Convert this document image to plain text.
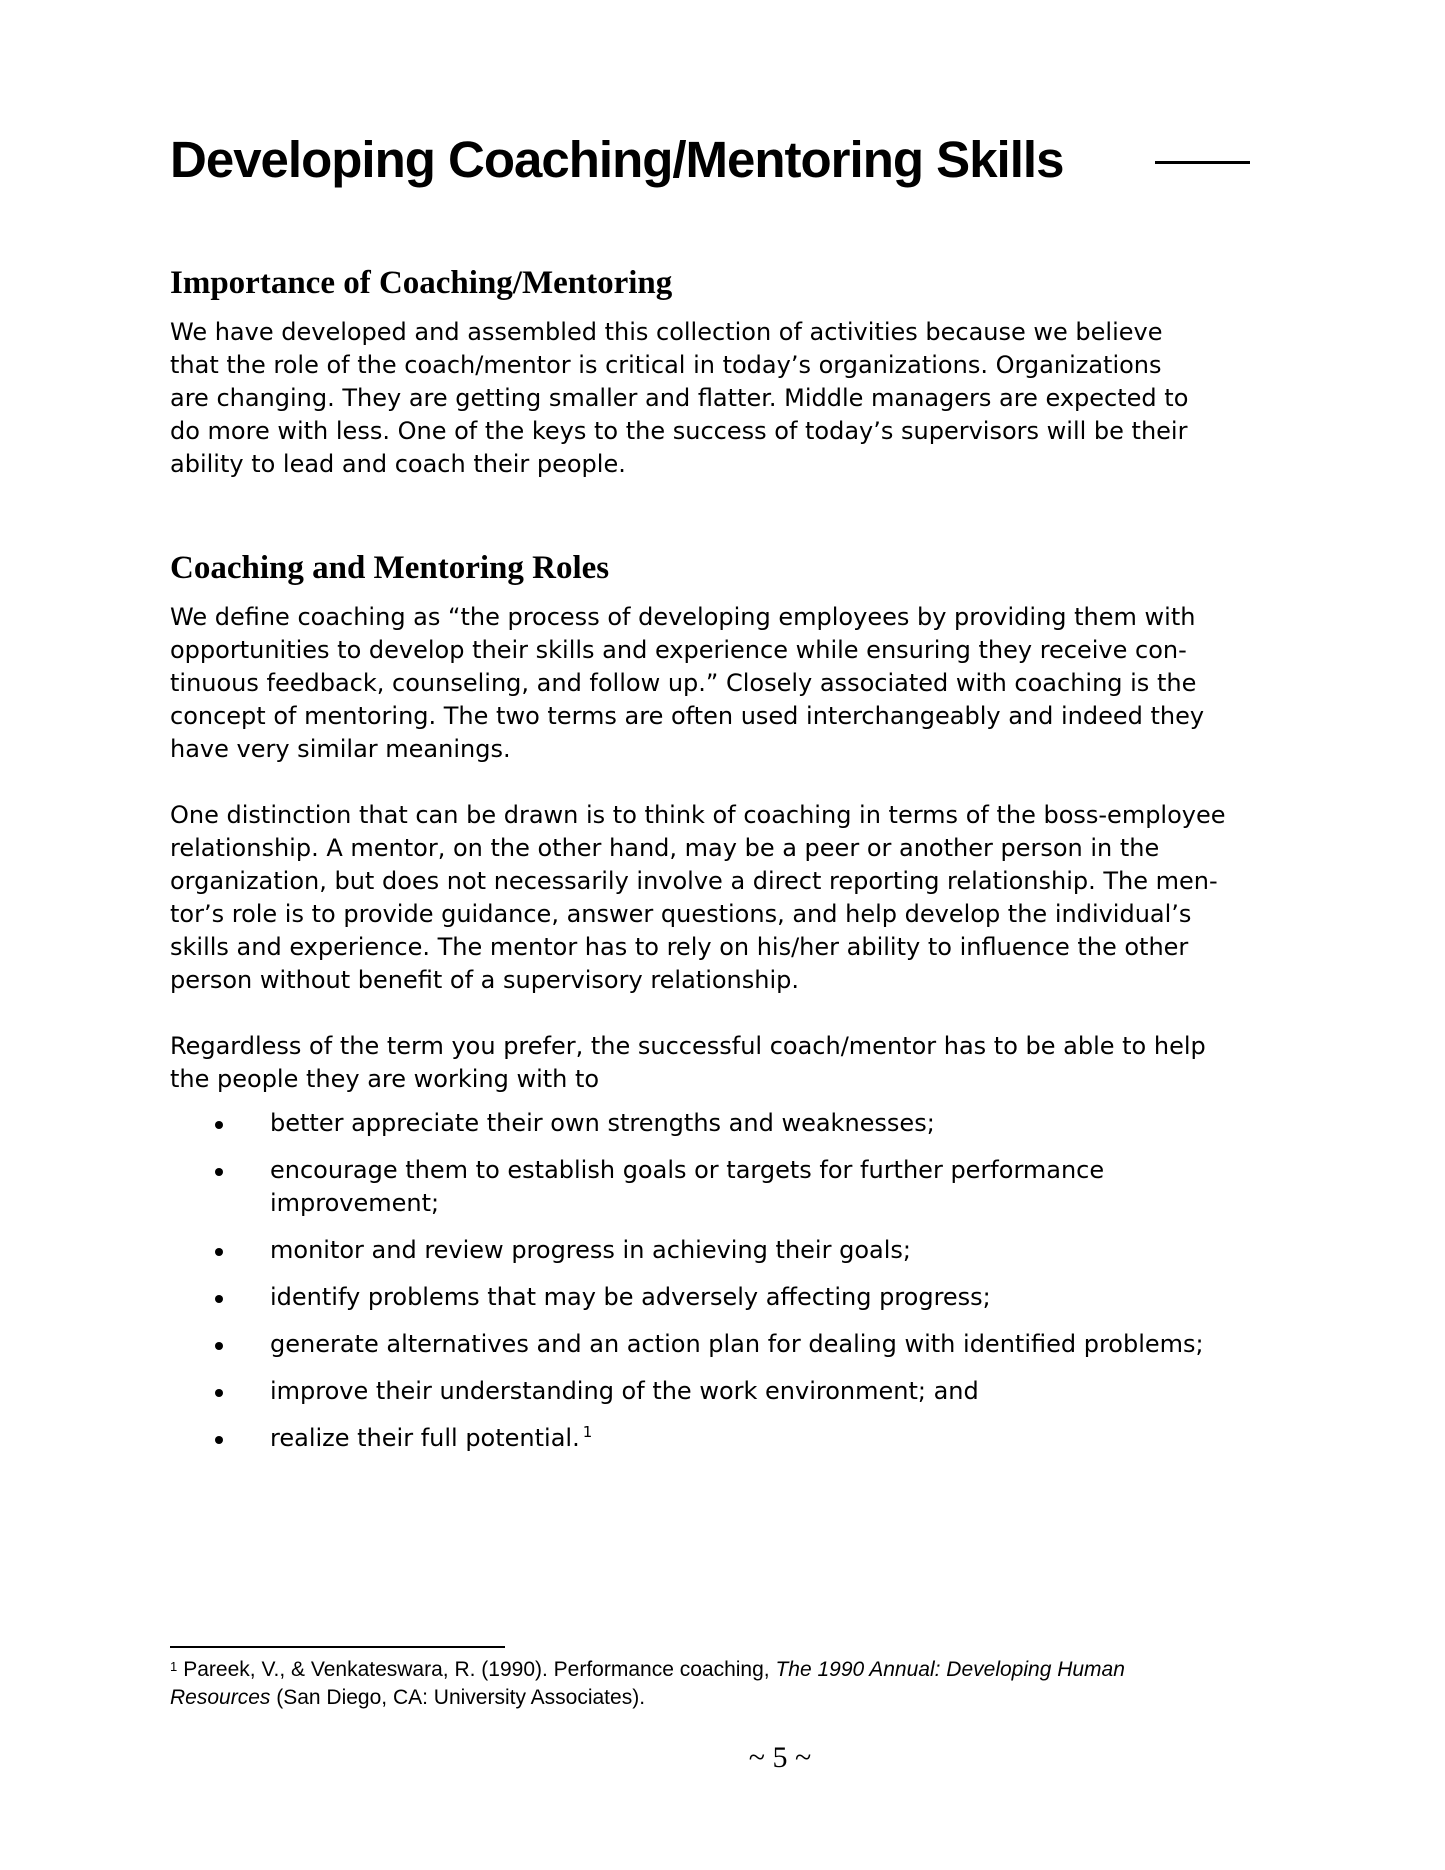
Developing Coaching/Mentoring Skills
Importance of Coaching/Mentoring
We have developed and assembled this collection of activities because we believe
that the role of the coach/mentor is critical in today’s organizations. Organizations
are changing. They are getting smaller and flatter. Middle managers are expected to
do more with less. One of the keys to the success of today’s supervisors will be their
ability to lead and coach their people.
Coaching and Mentoring Roles
We define coaching as “the process of developing employees by providing them with
opportunities to develop their skills and experience while ensuring they receive con-
tinuous feedback, counseling, and follow up.” Closely associated with coaching is the
concept of mentoring. The two terms are often used interchangeably and indeed they
have very similar meanings.
One distinction that can be drawn is to think of coaching in terms of the boss-employee
relationship. A mentor, on the other hand, may be a peer or another person in the
organization, but does not necessarily involve a direct reporting relationship. The men-
tor’s role is to provide guidance, answer questions, and help develop the individual’s
skills and experience. The mentor has to rely on his/her ability to influence the other
person without benefit of a supervisory relationship.
Regardless of the term you prefer, the successful coach/mentor has to be able to help
the people they are working with to
better appreciate their own strengths and weaknesses;
encourage them to establish goals or targets for further performance
improvement;
monitor and review progress in achieving their goals;
identify problems that may be adversely affecting progress;
generate alternatives and an action plan for dealing with identified problems;
improve their understanding of the work environment; and
realize their full potential. $^1$
$^1$ Pareek, V., & Venkateswara, R. (1990). Performance coaching, The 1990 Annual: Developing Human
Resources (San Diego, CA: University Associates).
~ 5 ~
